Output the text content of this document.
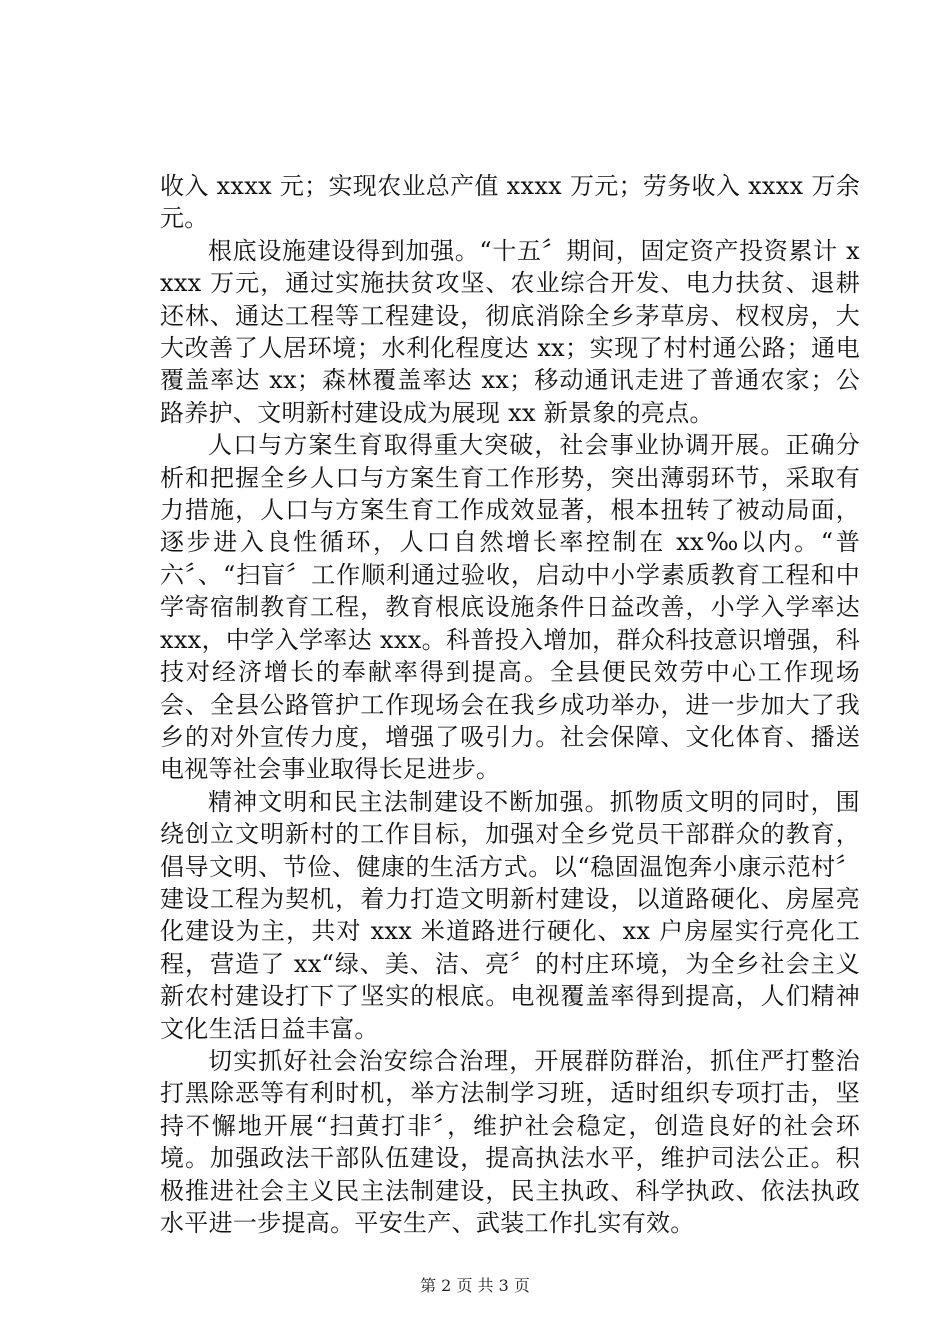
收入 xxxx 元；实现农业总产值 xxxx 万元；劳务收入 xxxx 万余元。

根底设施建设得到加强。“十五〞期间，固定资产投资累计 xxxx 万元，通过实施扶贫攻坚、农业综合开发、电力扶贫、退耕还林、通达工程等工程建设，彻底消除全乡茅草房、杈杈房，大大改善了人居环境；水利化程度达 xx；实现了村村通公路；通电覆盖率达 xx；森林覆盖率达 xx；移动通讯走进了普通农家；公路养护、文明新村建设成为展现 xx 新景象的亮点。

人口与方案生育取得重大突破，社会事业协调开展。正确分析和把握全乡人口与方案生育工作形势，突出薄弱环节，采取有力措施，人口与方案生育工作成效显著，根本扭转了被动局面，逐步进入良性循环，人口自然增长率控制在 xx‰以内。“普六〞、“扫盲〞工作顺利通过验收，启动中小学素质教育工程和中学寄宿制教育工程，教育根底设施条件日益改善，小学入学率达 xxx，中学入学率达 xxx。科普投入增加，群众科技意识增强，科技对经济增长的奉献率得到提高。全县便民效劳中心工作现场会、全县公路管护工作现场会在我乡成功举办，进一步加大了我乡的对外宣传力度，增强了吸引力。社会保障、文化体育、播送电视等社会事业取得长足进步。

精神文明和民主法制建设不断加强。抓物质文明的同时，围绕创立文明新村的工作目标，加强对全乡党员干部群众的教育，倡导文明、节俭、健康的生活方式。以“稳固温饱奔小康示范村〞建设工程为契机，着力打造文明新村建设，以道路硬化、房屋亮化建设为主，共对 xxx 米道路进行硬化、xx 户房屋实行亮化工程，营造了 xx“绿、美、洁、亮〞的村庄环境，为全乡社会主义新农村建设打下了坚实的根底。电视覆盖率得到提高，人们精神文化生活日益丰富。

切实抓好社会治安综合治理，开展群防群治，抓住严打整治打黑除恶等有利时机，举方法制学习班，适时组织专项打击，坚持不懈地开展“扫黄打非〞，维护社会稳定，创造良好的社会环境。加强政法干部队伍建设，提高执法水平，维护司法公正。积极推进社会主义民主法制建设，民主执政、科学执政、依法执政水平进一步提高。平安生产、武装工作扎实有效。

第 2 页 共 3 页
